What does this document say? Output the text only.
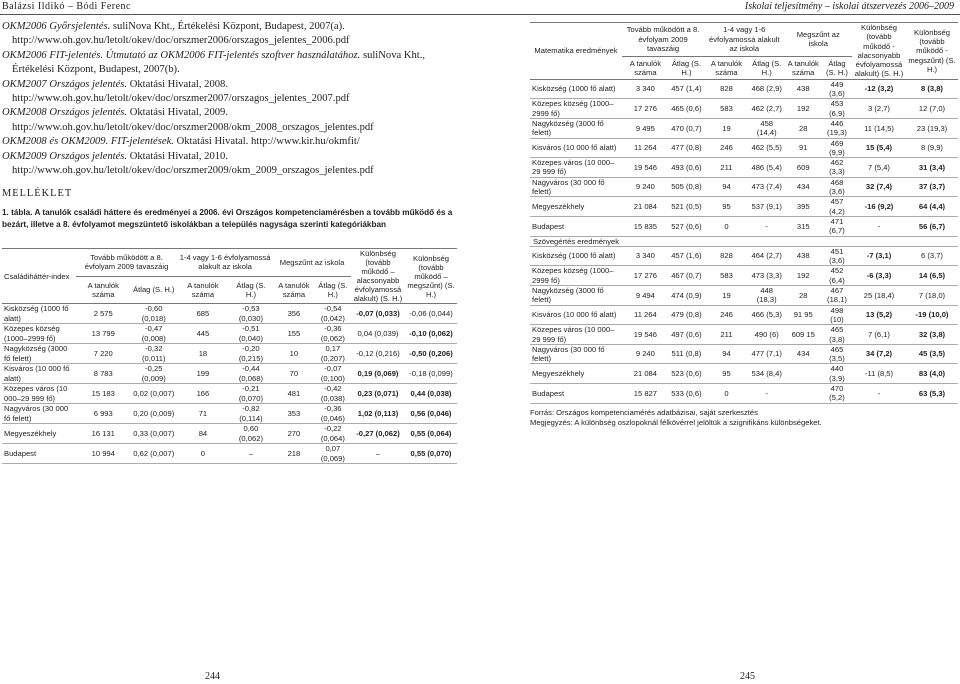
Balázsi Ildikó – Bódi Ferenc	Iskolai teljesítmény – iskolai átszervezés 2006–2009

OKM2006 Győrsjelentés. suliNova Kht., Értékelési Központ, Budapest, 2007(a). http://www.oh.gov.hu/letolt/okev/doc/orszmer2006/orszagos_jelentes_2006.pdf

OKM2006 FIT-jelentés. Útmutató az OKM2006 FIT-jelentés szoftver használatához. suliNova Kht., Értékelési Központ, Budapest, 2007(b).

OKM2007 Országos jelentés. Oktatási Hivatal, 2008. http://www.oh.gov.hu/letolt/okev/doc/orszmer2007/orszagos_jelentes_2007.pdf

OKM2008 Országos jelentés. Oktatási Hivatal, 2009. http://www.oh.gov.hu/letolt/okev/doc/orszmer2008/okm_2008_orszagos_jelentes.pdf

OKM2008 és OKM2009. FIT-jelentések. Oktatási Hivatal. http://www.kir.hu/okmfit/

OKM2009 Országos jelentés. Oktatási Hivatal, 2010. http://www.oh.gov.hu/letolt/okev/doc/orszmer2009/okm_2009_orszagos_jelentes.pdf

MELLÉKLET
1. tábla. A tanulók családi háttere és eredményei a 2006. évi Országos kompetenciamérésben a tovább működő és a bezárt, illetve a 8. évfolyamot megszüntető iskolákban a település nagysága szerinti kategóriákban
Családiháttér-index	Tovább működött a 8. évfolyam 2009 tavaszáig		1-4 vagy 1-6 évfolyamossá alakult az iskola		Megszűnt az iskola		Különbség (tovább működő – alacsonyabb évfolyamossá alakult) (S. H.)	Különbség (tovább működő – megszűnt) (S. H.)
	A tanulók száma	Átlag (S. H.)	A tanulók száma	Átlag (S. H.)	A tanulók száma	Átlag (S. H.)		
Kisközség (1000 fő alatt)	2 575	-0,60 (0,018)	685	-0,53 (0,030)	356	-0,54 (0,042)	-0,07 (0,033)	-0,06 (0,044)
Közepes község (1000–2999 fő)	13 799	-0,47 (0,008)	445	-0,51 (0,040)	155	-0,36 (0,062)	0,04 (0,039)	-0,10 (0,062)
Nagyközség (3000 fő felett)	7 220	-0,32 (0,011)	18	-0,20 (0,215)	10	0,17 (0,207)	-0,12 (0,216)	-0,50 (0,206)
Kisváros (10 000 fő alatt)	8 783	-0,25 (0,009)	199	-0,44 (0,068)	70	-0,07 (0,100)	0,19 (0,069)	-0,18 (0,099)
Közepes város (10 000–29 999 fő)	15 183	0,02 (0,007)	166	-0,21 (0,070)	481	-0,42 (0,038)	0,23 (0,071)	0,44 (0,038)
Nagyváros (30 000 fő felett)	6 993	0,20 (0,009)	71	-0,82 (0,114)	353	-0,36 (0,046)	1,02 (0,113)	0,56 (0,046)
Megyeszékhely	16 131	0,33 (0,007)	84	0,60 (0,062)	270	-0,22 (0,064)	-0,27 (0,062)	0,55 (0,064)
Budapest	10 994	0,62 (0,007)	0	–	218	0,07 (0,069)	–	0,55 (0,070)
Matematika eredmények	Tovább működött a 8. évfolyam 2009 tavaszáig		1-4 vagy 1-6 évfolyamossá alakult az iskola		Megszűnt az iskola		Különbség (tovább működő - alacsonyabb évfolyamossá alakult) (S. H.)	Különbség (tovább működő - megszűnt) (S. H.)
	A tanulók száma	Átlag (S. H.)	A tanulók száma	Átlag (S. H.)	A tanulók száma	Átlag (S. H.)		
Kisközség (1000 fő alatt)	3 340	457 (1,4)	828	468 (2,9)	438	449 (3,6)	-12 (3,2)	8 (3,8)
Közepes község (1000–2999 fő)	17 276	465 (0,6)	583	462 (2,7)	192	453 (6,9)	3 (2,7)	12 (7,0)
Nagyközség (3000 fő felett)	9 495	470 (0,7)	19	458 (14,4)	28	446 (19,3)	11 (14,5)	23 (19,3)
Kisváros (10 000 fő alatt)	11 264	477 (0,8)	246	462 (5,5)	91	469 (9,9)	15 (5,4)	8 (9,9)
Közepes város (10 000–29 999 fő)	19 546	493 (0,6)	211	486 (5,4)	609	462 (3,3)	7 (5,4)	31 (3,4)
Nagyváros (30 000 fő felett)	9 240	505 (0,8)	94	473 (7,4)	434	468 (3,6)	32 (7,4)	37 (3,7)
Megyeszékhely	21 084	521 (0,5)	95	537 (9,1)	395	457 (4,2)	-16 (9,2)	64 (4,4)
Budapest	15 835	527 (0,6)	0	-	315	471 (6,7)	-	56 (6,7)
Szövegértés eredmények								
Kisközség (1000 fő alatt)	3 340	457 (1,6)	828	464 (2,7)	438	451 (3,6)	-7 (3,1)	6 (3,7)
Közepes község (1000–2999 fő)	17 276	467 (0,7)	583	473 (3,3)	192	452 (6,4)	-6 (3,3)	14 (6,5)
Nagyközség (3000 fő felett)	9 494	474 (0,9)	19	448 (18,3)	28	467 (18,1)	25 (18,4)	7 (18,0)
Kisváros (10 000 fő alatt)	11 264	479 (0,8)	246	466 (5,3)	91 95	498 (10)	13 (5,2)	-19 (10,0)
Közepes város (10 000–29 999 fő)	19 546	497 (0,6)	211	490 (6)	609 15	465 (3,8)	7 (6,1)	32 (3,8)
Nagyváros (30 000 fő felett)	9 240	511 (0,8)	94	477 (7,1)	434	465 (3,5)	34 (7,2)	45 (3,5)
Megyeszékhely	21 084	523 (0,6)	95	534 (8,4)		440 (3,9)	-11 (8,5)	83 (4,0)
Budapest	15 827	533 (0,6)	0	-		470 (5,2)	-	63 (5,3)
Forrás: Országos kompetenciamérés adatbázisai, saját szerkesztés
Megjegyzés: A különbség oszlopoknál félkövérrel jelöltük a szignifikáns különbségeket.
244	245
